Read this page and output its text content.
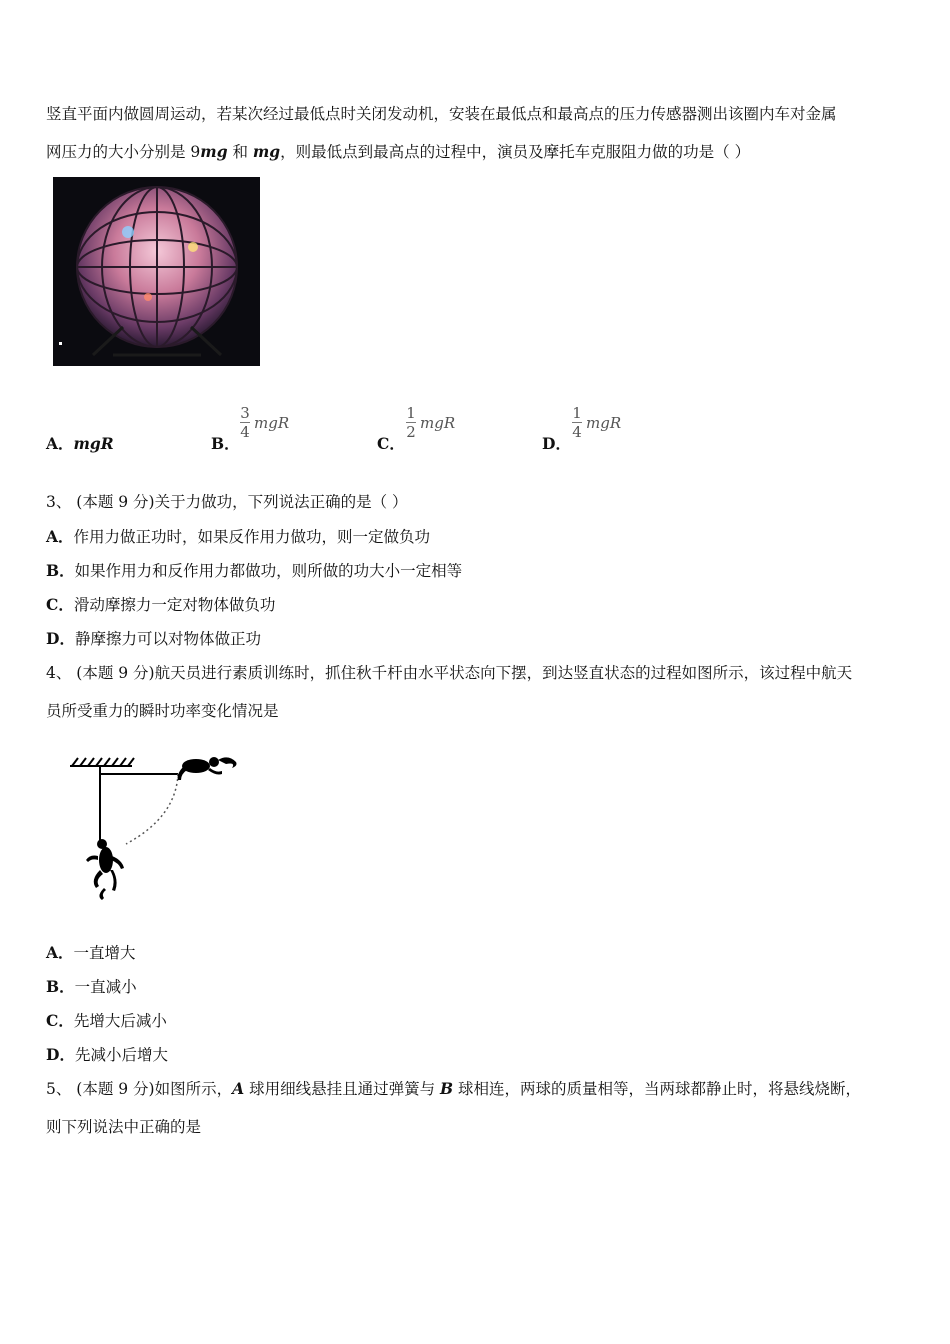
竖直平面内做圆周运动，若某次经过最低点时关闭发动机，安装在最低点和最高点的压力传感器测出该圈内车对金属
网压力的大小分别是 9mg 和 mg，则最低点到最高点的过程中，演员及摩托车克服阻力做的功是（ ）
A．mgR	B．
$\frac{3}{4}$ mgR
C．
$\frac{1}{2}$ mgR
D．
$\frac{1}{4}$ mgR
3、 (本题 9 分)关于力做功，下列说法正确的是（ ）
A．作用力做正功时，如果反作用力做功，则一定做负功
B．如果作用力和反作用力都做功，则所做的功大小一定相等
C．滑动摩擦力一定对物体做负功
D．静摩擦力可以对物体做正功
4、 (本题 9 分)航天员进行素质训练时，抓住秋千杆由水平状态向下摆，到达竖直状态的过程如图所示，该过程中航天
员所受重力的瞬时功率变化情况是
A．一直增大
B．一直减小
C．先增大后减小
D．先减小后增大
5、 (本题 9 分)如图所示，A 球用细线悬挂且通过弹簧与 B 球相连，两球的质量相等，当两球都静止时，将悬线烧断，
则下列说法中正确的是
